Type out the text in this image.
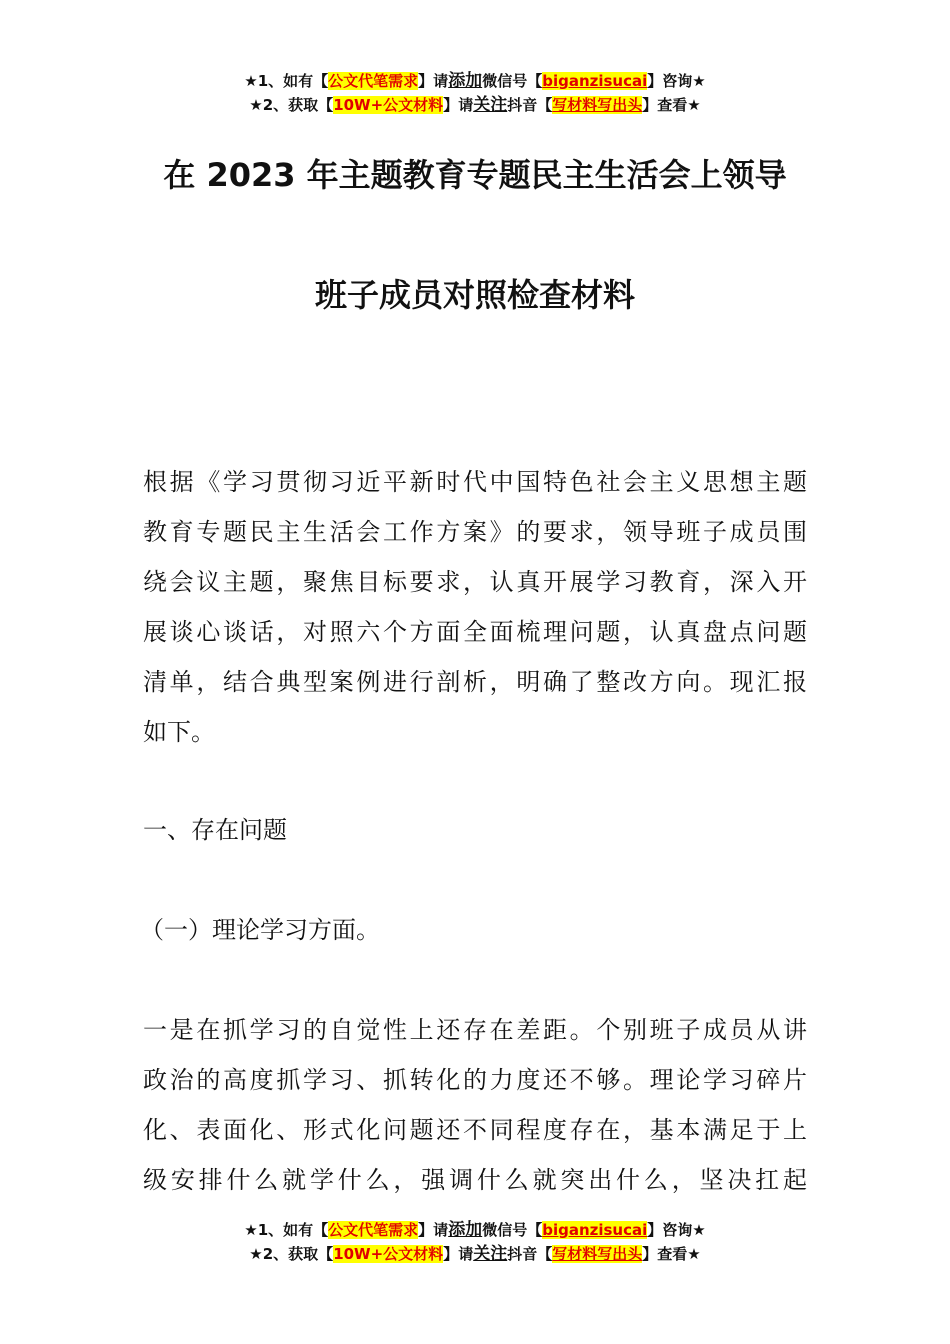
★1、如有【公文代笔需求】请添加微信号【biganzisucai】咨询★
★2、获取【10W+公文材料】请关注抖音【写材料写出头】查看★
在 2023 年主题教育专题民主生活会上领导
班子成员对照检查材料
根据《学习贯彻习近平新时代中国特色社会主义思想主题
教育专题民主生活会工作方案》的要求，领导班子成员围
绕会议主题，聚焦目标要求，认真开展学习教育，深入开
展谈心谈话，对照六个方面全面梳理问题，认真盘点问题
清单，结合典型案例进行剖析，明确了整改方向。现汇报
如下。
一、存在问题
（一）理论学习方面。
一是在抓学习的自觉性上还存在差距。个别班子成员从讲
政治的高度抓学习、抓转化的力度还不够。理论学习碎片
化、表面化、形式化问题还不同程度存在，基本满足于上
级安排什么就学什么，强调什么就突出什么，坚决扛起
★1、如有【公文代笔需求】请添加微信号【biganzisucai】咨询★
★2、获取【10W+公文材料】请关注抖音【写材料写出头】查看★
